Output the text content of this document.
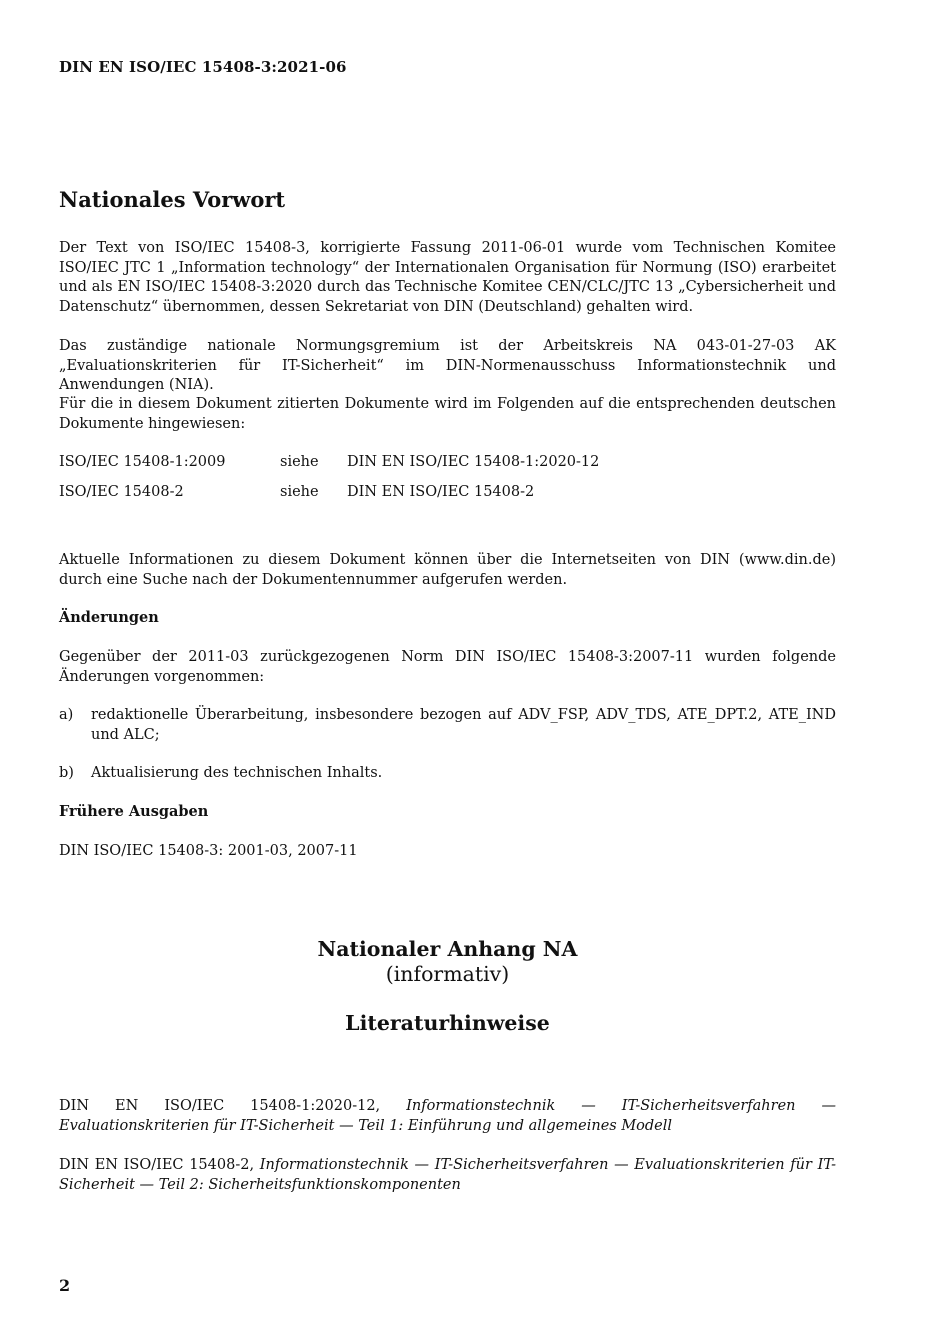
DIN EN ISO/IEC 15408-3:2021-06
Nationales Vorwort
Der Text von ISO/IEC 15408-3, korrigierte Fassung 2011-06-01 wurde vom Technischen Komitee ISO/IEC JTC 1 „Information technology“ der Internationalen Organisation für Normung (ISO) erarbeitet und als EN ISO/IEC 15408-3:2020 durch das Technische Komitee CEN/CLC/JTC 13 „Cybersicherheit und Datenschutz“ übernommen, dessen Sekretariat von DIN (Deutschland) gehalten wird.
Das zuständige nationale Normungsgremium ist der Arbeitskreis NA 043-01-27-03 AK „Evaluationskriterien für IT-Sicherheit“ im DIN-Normenausschuss Informationstechnik und Anwendungen (NIA).
Für die in diesem Dokument zitierten Dokumente wird im Folgenden auf die entsprechenden deutschen Dokumente hingewiesen:
ISO/IEC 15408-1:2009	siehe DIN EN ISO/IEC 15408-1:2020-12
ISO/IEC 15408-2	siehe DIN EN ISO/IEC 15408-2
Aktuelle Informationen zu diesem Dokument können über die Internetseiten von DIN (www.din.de) durch eine Suche nach der Dokumentennummer aufgerufen werden.
Änderungen
Gegenüber der 2011-03 zurückgezogenen Norm DIN ISO/IEC 15408-3:2007-11 wurden folgende Änderungen vorgenommen:
a) redaktionelle Überarbeitung, insbesondere bezogen auf ADV_FSP, ADV_TDS, ATE_DPT.2, ATE_IND und ALC;
b) Aktualisierung des technischen Inhalts.
Frühere Ausgaben
DIN ISO/IEC 15408-3: 2001-03, 2007-11
Nationaler Anhang NA
(informativ)
Literaturhinweise
DIN EN ISO/IEC 15408-1:2020-12, Informationstechnik — IT-Sicherheitsverfahren — Evaluationskriterien für IT-Sicherheit — Teil 1: Einführung und allgemeines Modell
DIN EN ISO/IEC 15408-2, Informationstechnik — IT-Sicherheitsverfahren — Evaluationskriterien für IT-Sicherheit — Teil 2: Sicherheitsfunktionskomponenten
2
